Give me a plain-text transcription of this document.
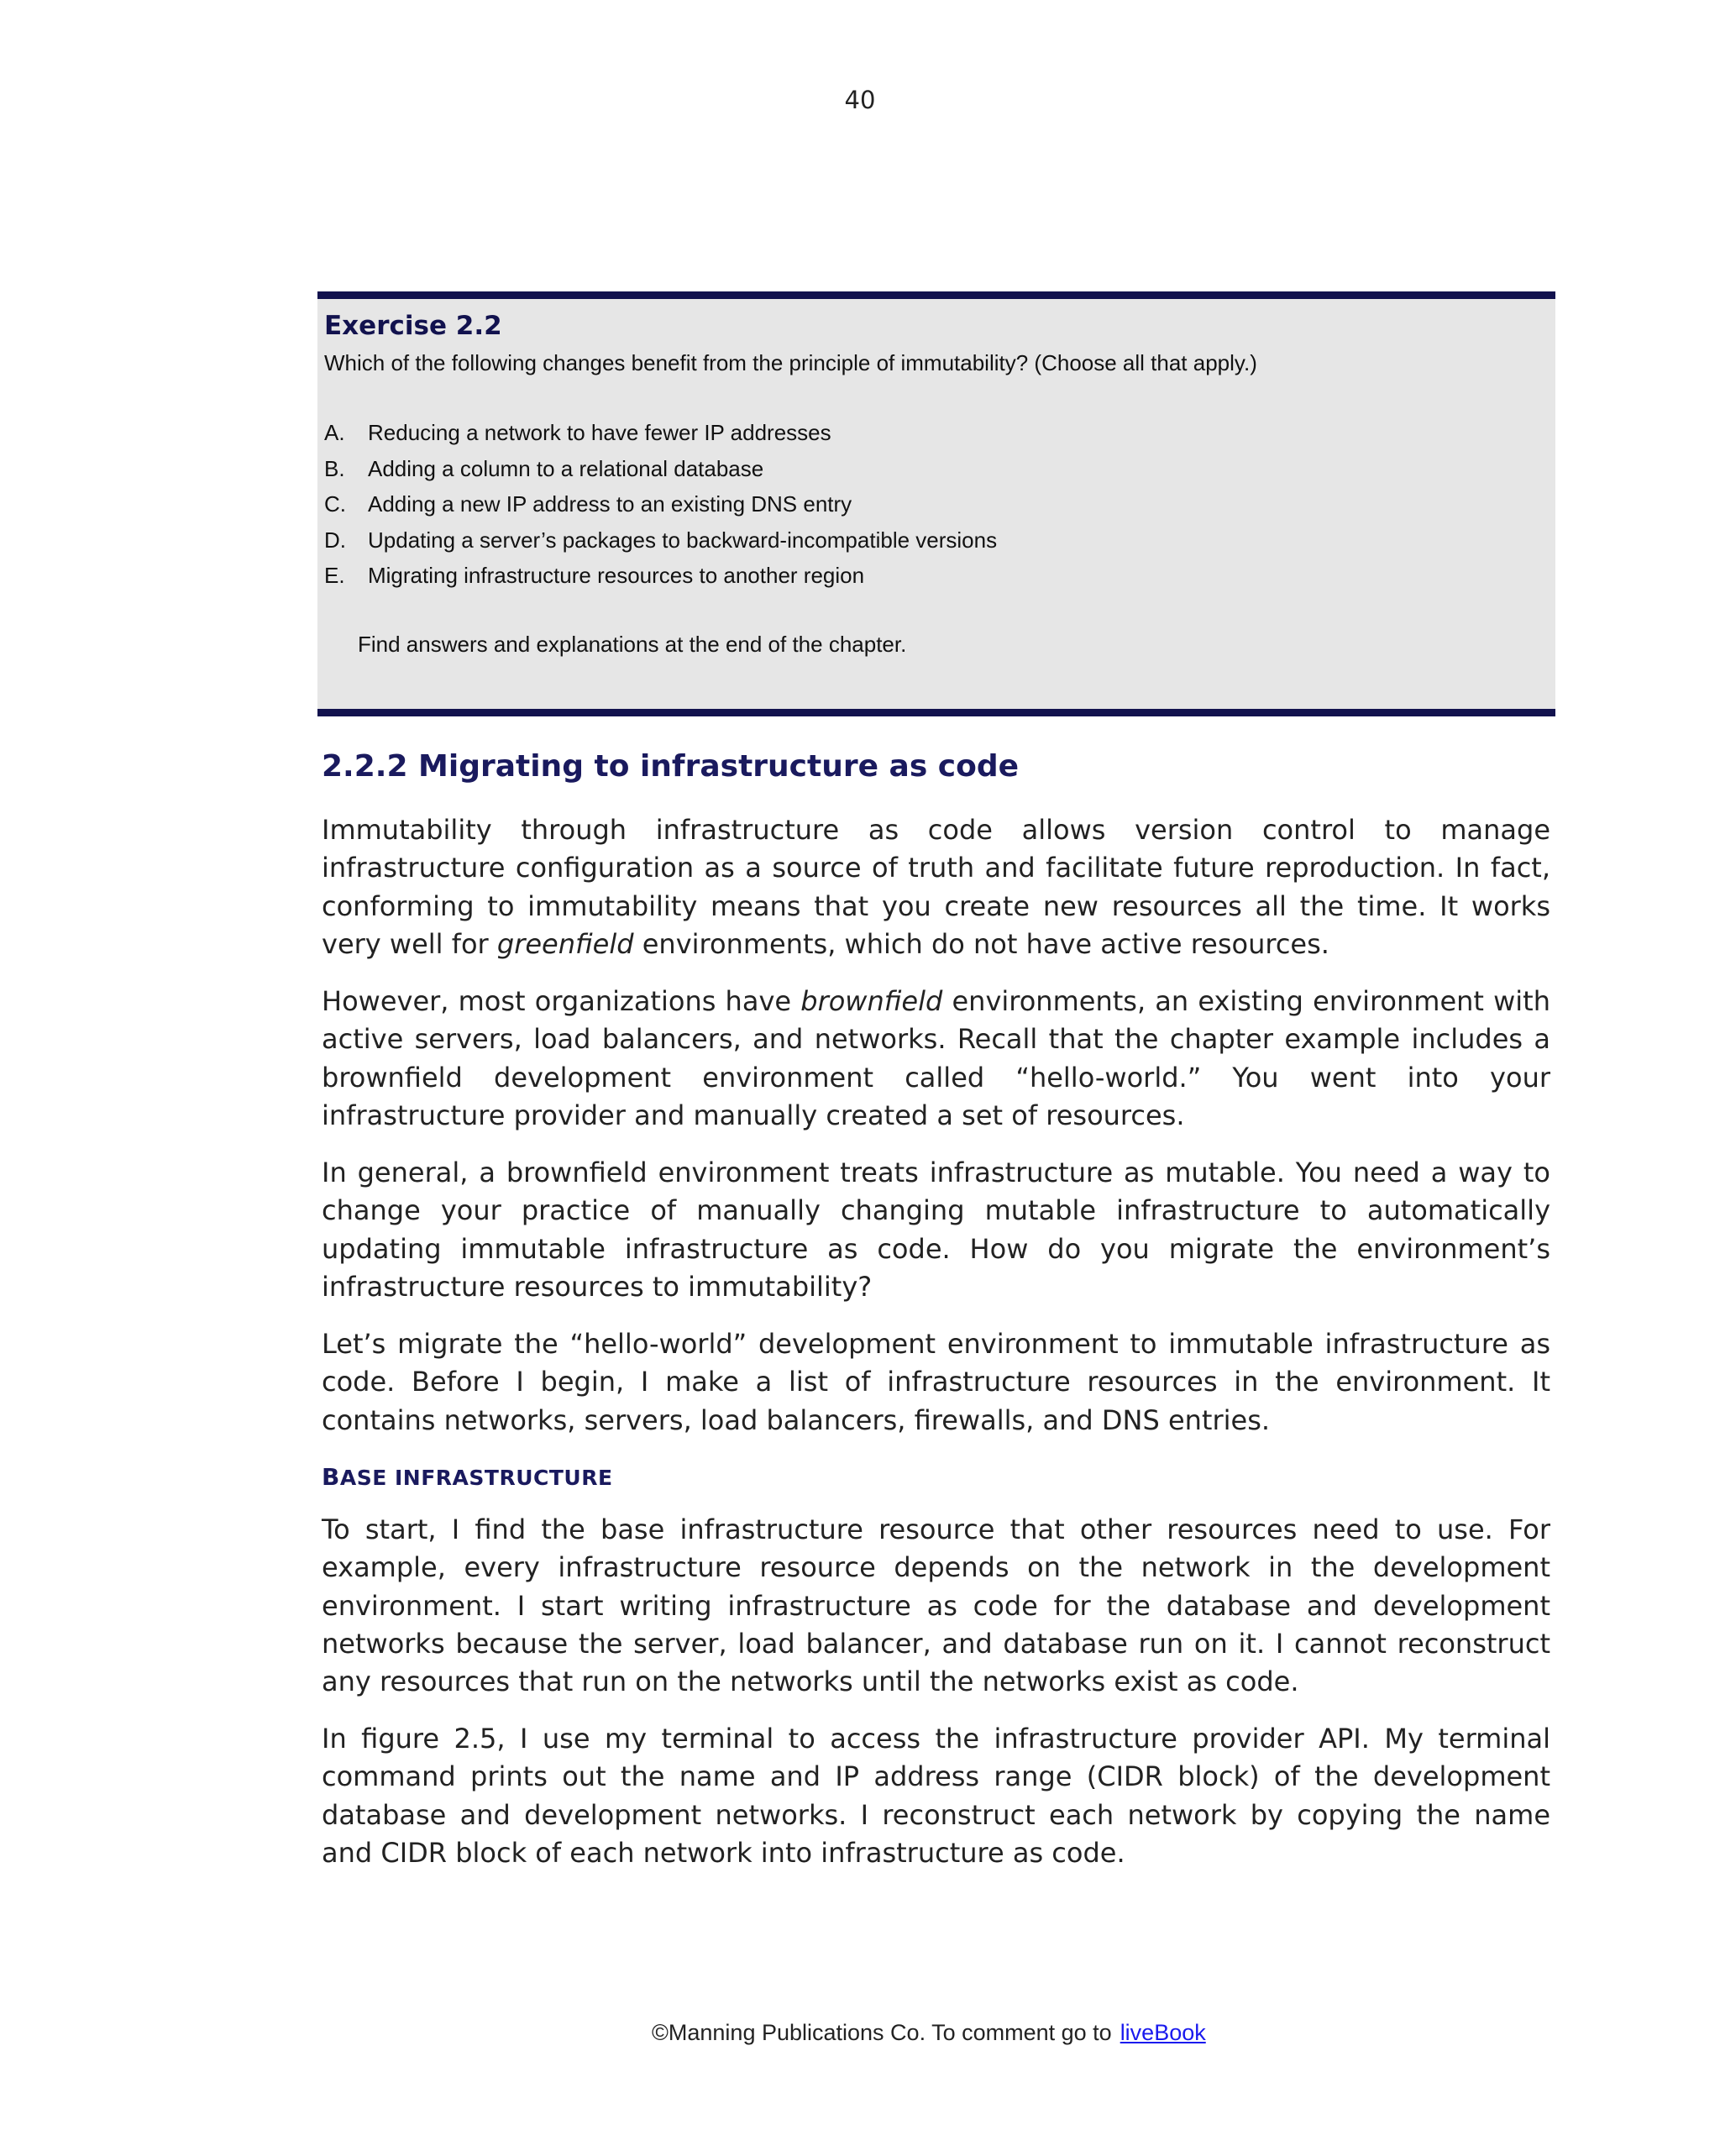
40
Exercise 2.2

Which of the following changes benefit from the principle of immutability? (Choose all that apply.)

A.	Reducing a network to have fewer IP addresses
B.	Adding a column to a relational database
C.	Adding a new IP address to an existing DNS entry
D.	Updating a server’s packages to backward-incompatible versions
E.	Migrating infrastructure resources to another region

Find answers and explanations at the end of the chapter.

2.2.2 Migrating to infrastructure as code

Immutability through infrastructure as code allows version control to manage infrastructure configuration as a source of truth and facilitate future reproduction. In fact, conforming to immutability means that you create new resources all the time. It works very well for greenfield environments, which do not have active resources.

However, most organizations have brownfield environments, an existing environment with active servers, load balancers, and networks. Recall that the chapter example includes a brownfield development environment called “hello-world.” You went into your infrastructure provider and manually created a set of resources.

In general, a brownfield environment treats infrastructure as mutable. You need a way to change your practice of manually changing mutable infrastructure to automatically updating immutable infrastructure as code. How do you migrate the environment’s infrastructure resources to immutability?

Let’s migrate the “hello-world” development environment to immutable infrastructure as code. Before I begin, I make a list of infrastructure resources in the environment. It contains networks, servers, load balancers, firewalls, and DNS entries.

BASE INFRASTRUCTURE

To start, I find the base infrastructure resource that other resources need to use. For example, every infrastructure resource depends on the network in the development environment. I start writing infrastructure as code for the database and development networks because the server, load balancer, and database run on it. I cannot reconstruct any resources that run on the networks until the networks exist as code.

In figure 2.5, I use my terminal to access the infrastructure provider API. My terminal command prints out the name and IP address range (CIDR block) of the development database and development networks. I reconstruct each network by copying the name and CIDR block of each network into infrastructure as code.

©Manning Publications Co. To comment go to liveBook
